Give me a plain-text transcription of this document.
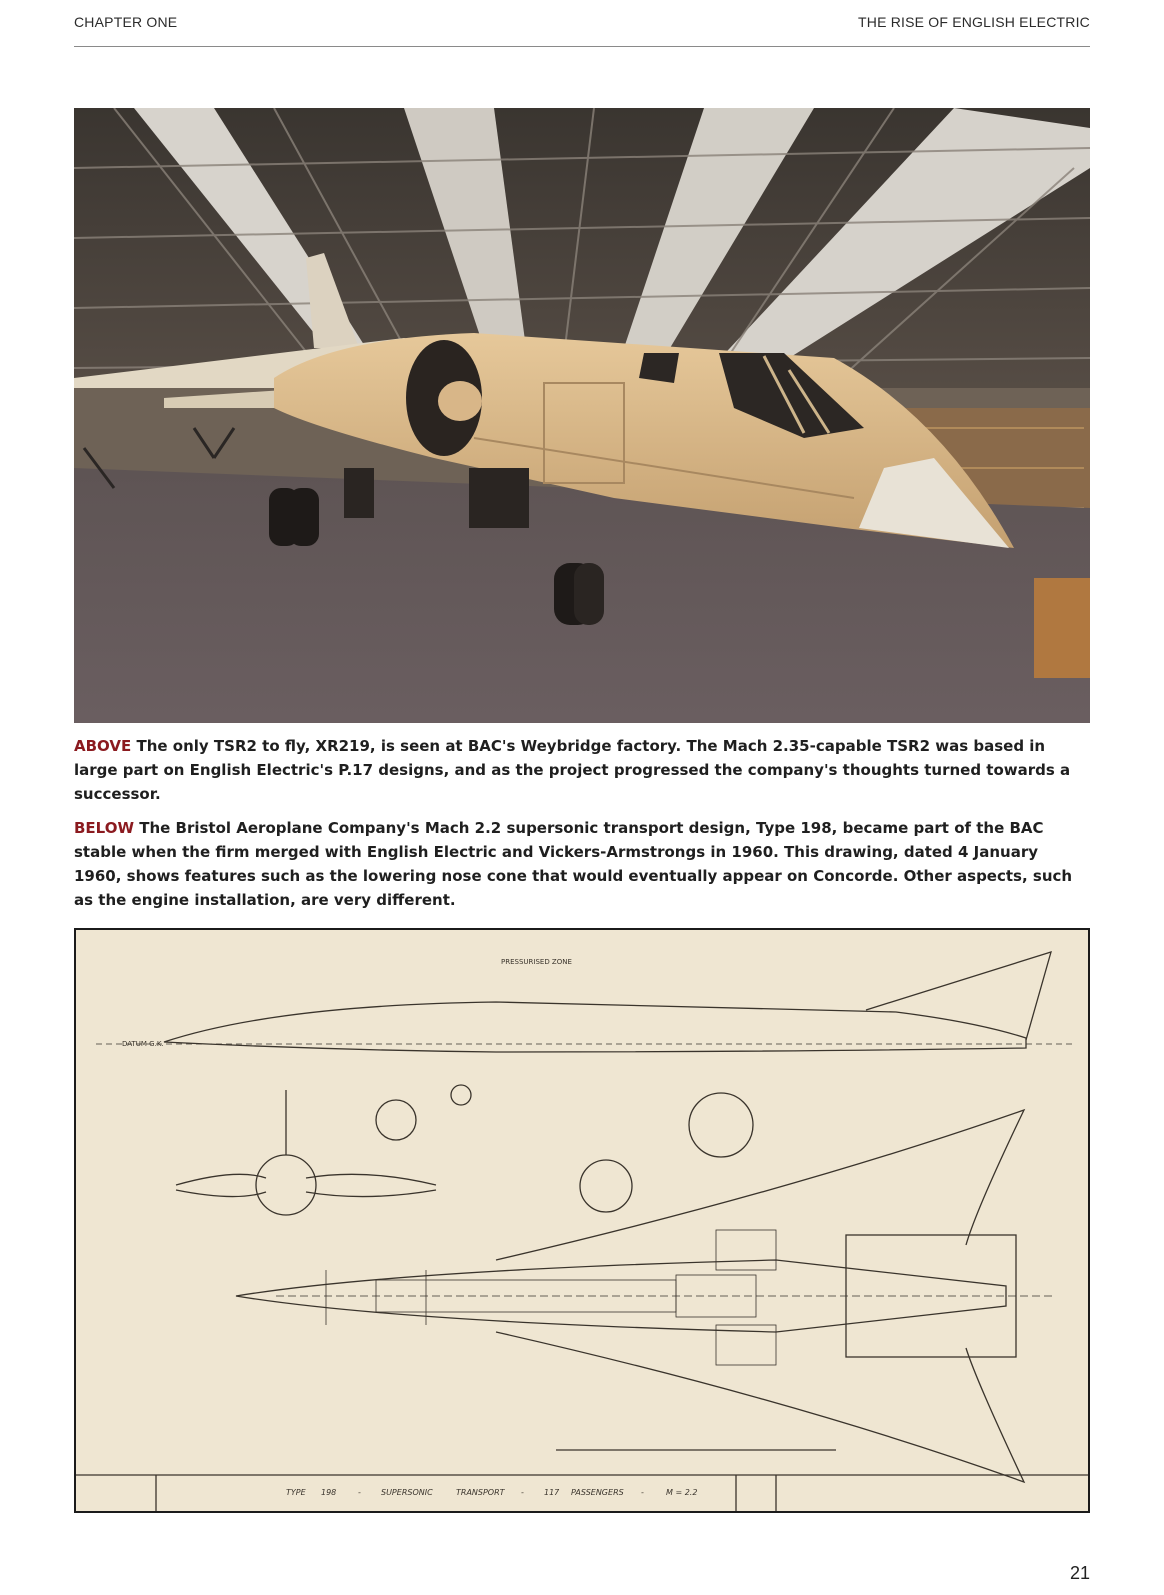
CHAPTER ONE	THE RISE OF ENGLISH ELECTRIC
ABOVE The only TSR2 to fly, XR219, is seen at BAC's Weybridge factory. The Mach 2.35-capable TSR2 was based in large part on English Electric's P.17 designs, and as the project progressed the company's thoughts turned towards a successor.
BELOW The Bristol Aeroplane Company's Mach 2.2 supersonic transport design, Type 198, became part of the BAC stable when the firm merged with English Electric and Vickers-Armstrongs in 1960. This drawing, dated 4 January 1960, shows features such as the lowering nose cone that would eventually appear on Concorde. Other aspects, such as the engine installation, are very different.
PRESSURISED ZONE
DATUM G.K.
TYPE 198	-	SUPERSONIC	TRANSPORT -	117 PASSENGERS -	M = 2.2
21
